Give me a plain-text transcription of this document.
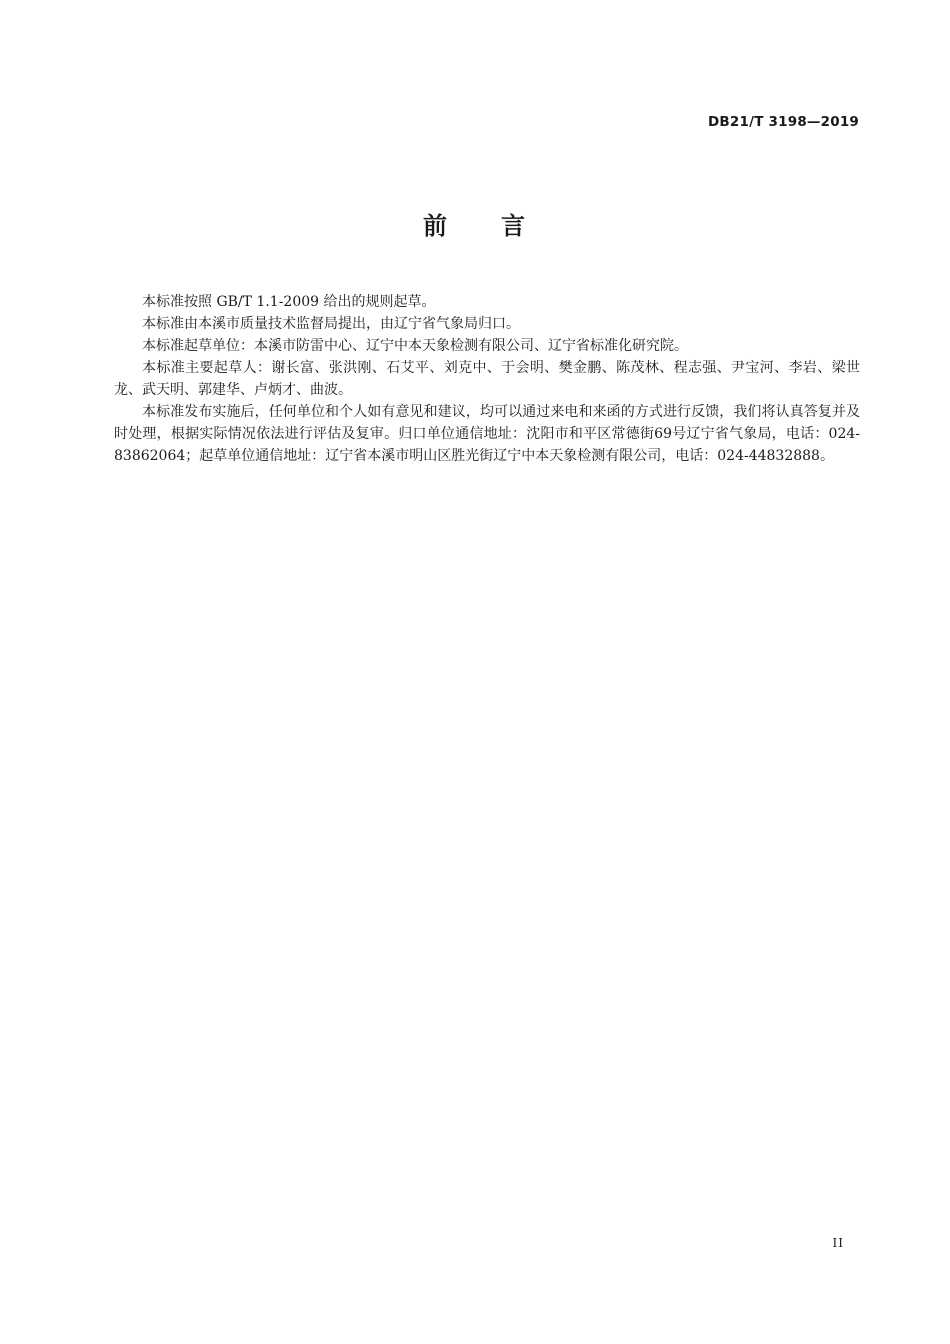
DB21/T 3198—2019
前　　言

本标准按照 GB/T 1.1-2009 给出的规则起草。

本标准由本溪市质量技术监督局提出，由辽宁省气象局归口。

本标准起草单位：本溪市防雷中心、辽宁中本天象检测有限公司、辽宁省标准化研究院。

本标准主要起草人：谢长富、张洪刚、石艾平、刘克中、于会明、樊金鹏、陈茂林、程志强、尹宝河、李岩、梁世龙、武天明、郭建华、卢炳才、曲波。

本标准发布实施后，任何单位和个人如有意见和建议，均可以通过来电和来函的方式进行反馈，我们将认真答复并及时处理，根据实际情况依法进行评估及复审。归口单位通信地址：沈阳市和平区常德街69号辽宁省气象局，电话：024-83862064；起草单位通信地址：辽宁省本溪市明山区胜光街辽宁中本天象检测有限公司，电话：024-44832888。

II
